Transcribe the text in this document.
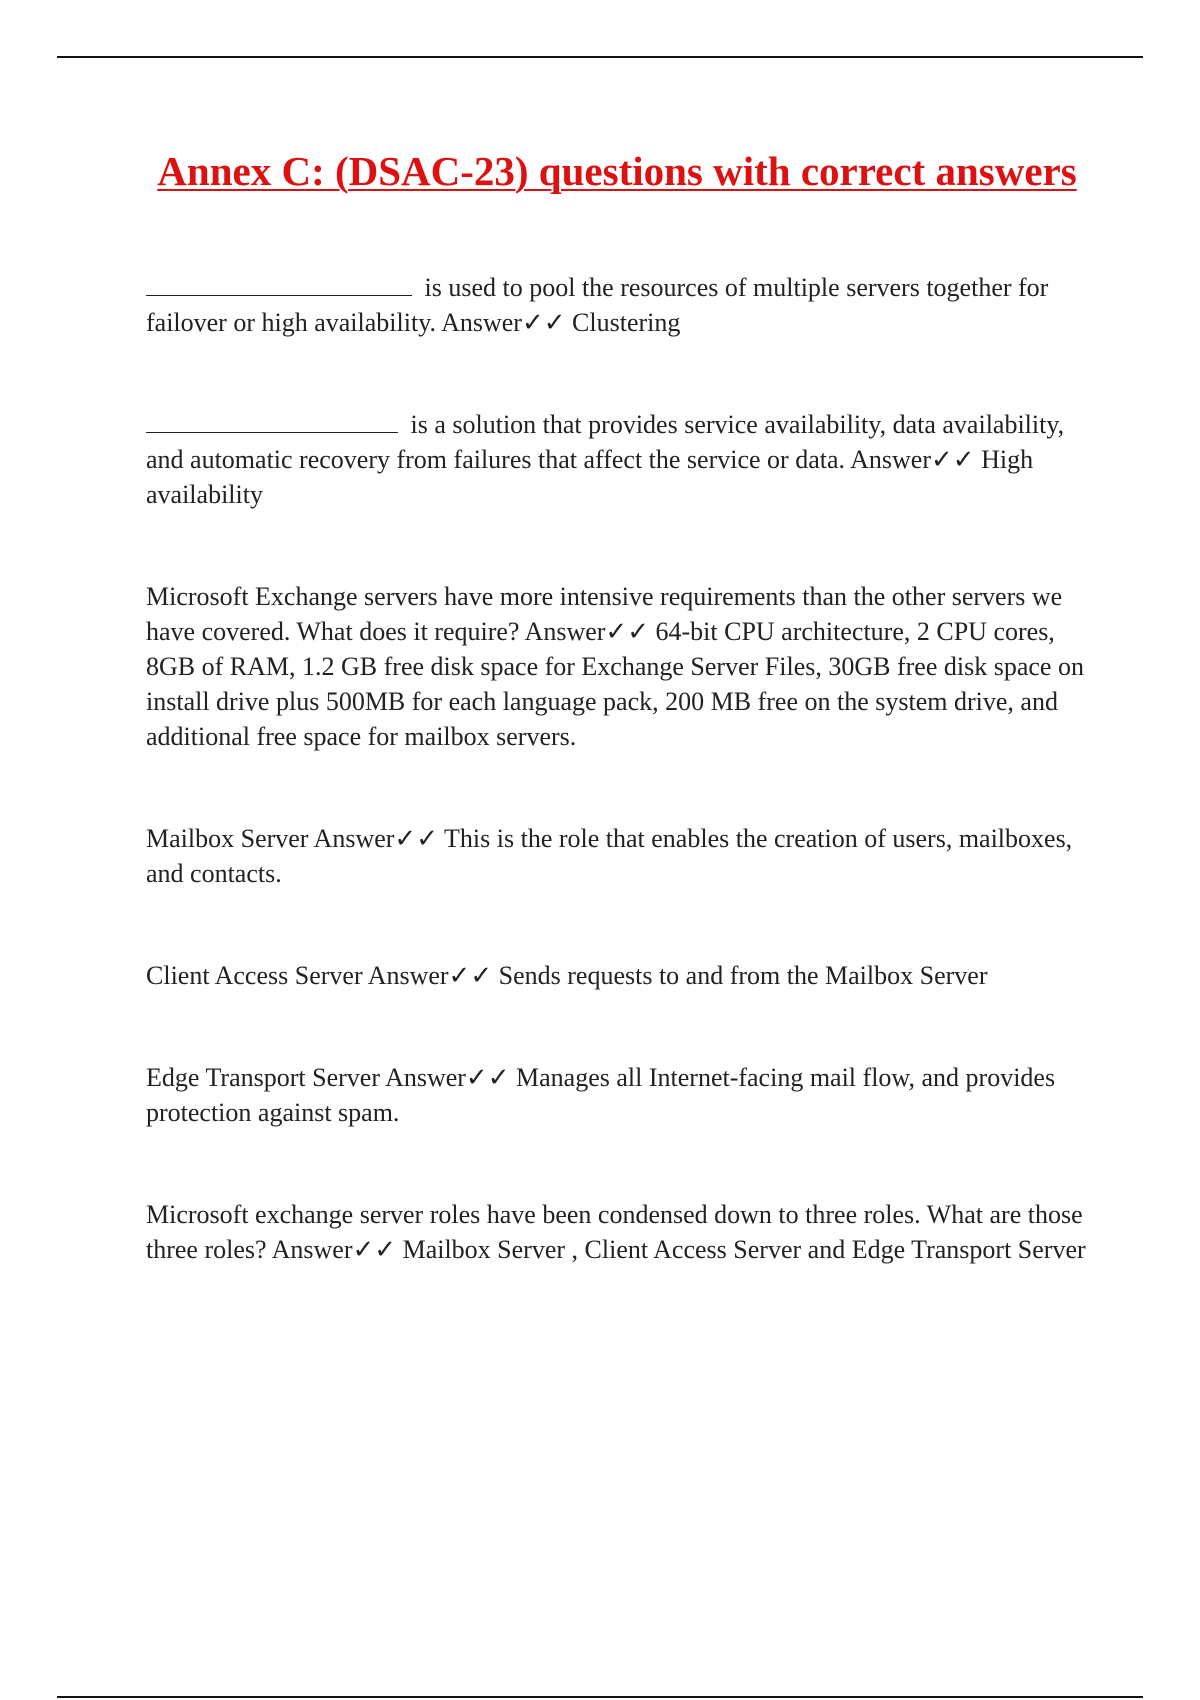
Annex C: (DSAC-23) questions with correct answers

is used to pool the resources of multiple servers together for failover or high availability. Answer✓✓ Clustering

is a solution that provides service availability, data availability, and automatic recovery from failures that affect the service or data. Answer✓✓ High availability

Microsoft Exchange servers have more intensive requirements than the other servers we have covered. What does it require? Answer✓✓ 64-bit CPU architecture, 2 CPU cores, 8GB of RAM, 1.2 GB free disk space for Exchange Server Files, 30GB free disk space on install drive plus 500MB for each language pack, 200 MB free on the system drive, and additional free space for mailbox servers.

Mailbox Server Answer✓✓ This is the role that enables the creation of users, mailboxes, and contacts.

Client Access Server Answer✓✓ Sends requests to and from the Mailbox Server

Edge Transport Server Answer✓✓ Manages all Internet-facing mail flow, and provides protection against spam.

Microsoft exchange server roles have been condensed down to three roles. What are those three roles? Answer✓✓ Mailbox Server , Client Access Server and Edge Transport Server
